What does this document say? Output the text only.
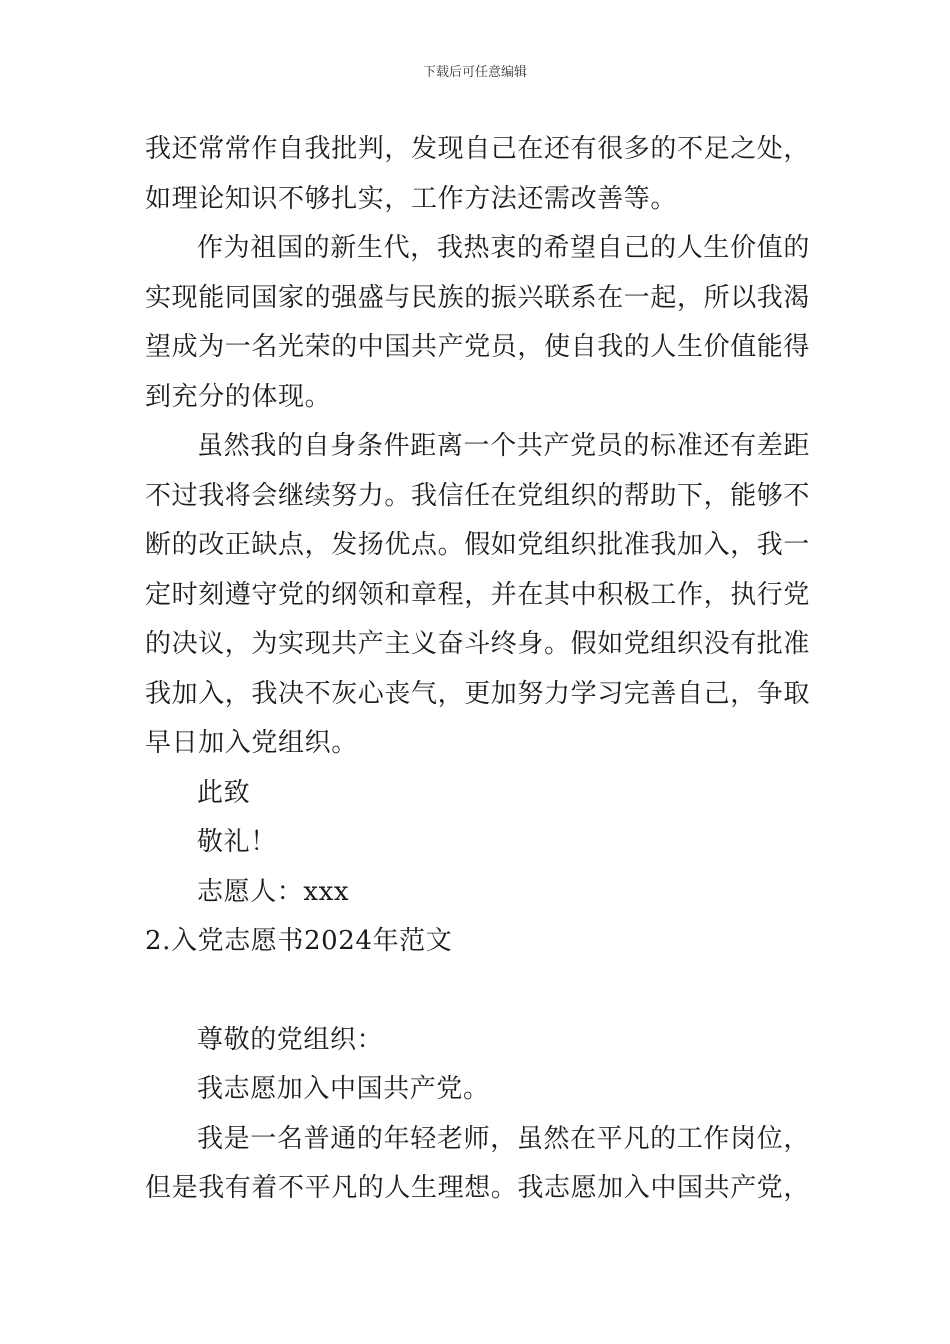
下载后可任意编辑

我还常常作自我批判，发现自己在还有很多的不足之处，如理论知识不够扎实，工作方法还需改善等。

作为祖国的新生代，我热衷的希望自己的人生价值的实现能同国家的强盛与民族的振兴联系在一起，所以我渴望成为一名光荣的中国共产党员，使自我的人生价值能得到充分的体现。

虽然我的自身条件距离一个共产党员的标准还有差距不过我将会继续努力。我信任在党组织的帮助下，能够不断的改正缺点，发扬优点。假如党组织批准我加入，我一定时刻遵守党的纲领和章程，并在其中积极工作，执行党的决议，为实现共产主义奋斗终身。假如党组织没有批准我加入，我决不灰心丧气，更加努力学习完善自己，争取早日加入党组织。

此致

敬礼！

志愿人：xxx

2.入党志愿书2024年范文

尊敬的党组织：

我志愿加入中国共产党。

我是一名普通的年轻老师，虽然在平凡的工作岗位，但是我有着不平凡的人生理想。我志愿加入中国共产党，
